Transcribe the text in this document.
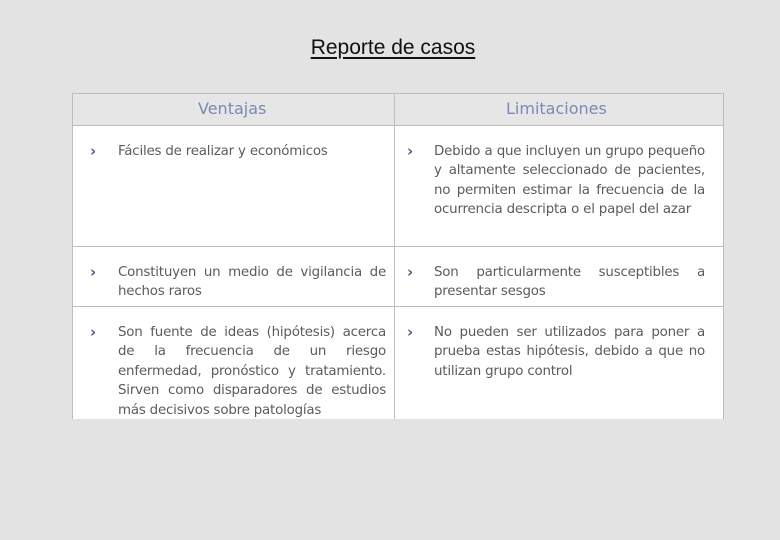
Reporte de casos
Ventajas	Limitaciones
› Fáciles de realizar y económicos	› Debido a que incluyen un grupo pequeño y altamente seleccionado de pacientes, no permiten estimar la frecuencia de la ocurrencia descripta o el papel del azar
› Constituyen un medio de vigilancia de hechos raros
› Son particularmente susceptibles a presentar sesgos
› Son fuente de ideas (hipótesis) acerca de la frecuencia de un riesgo enfermedad, pronóstico y tratamiento. Sirven como disparadores de estudios más decisivos sobre patologías
› No pueden ser utilizados para poner a prueba estas hipótesis, debido a que no utilizan grupo control
